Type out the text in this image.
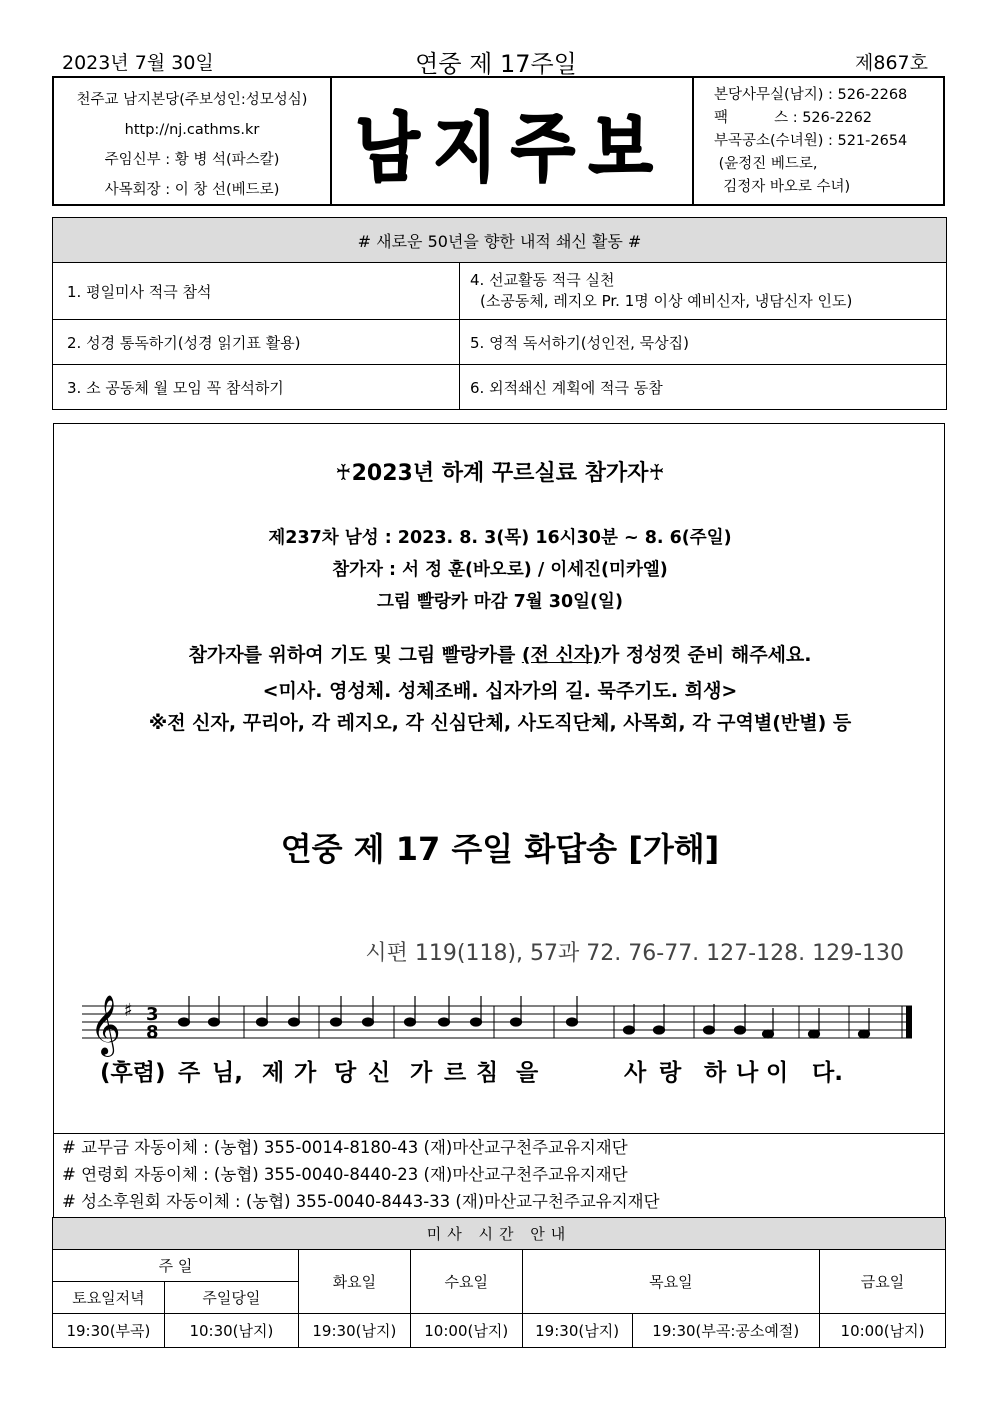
2023년 7월 30일	연중 제 17주일	제867호
천주교 남지본당(주보성인:성모성심)
http://nj.cathms.kr
주임신부 : 황 병 석(파스칼)
사목회장 : 이 창 선(베드로)	남지주보
본당사무실(남지) : 526-2268
팩          스 : 526-2262
부곡공소(수녀원) : 521-2654
(윤정진 베드로,
김정자 바오로 수녀)
# 새로운 50년을 향한 내적 쇄신 활동 #	
1. 평일미사 적극 참석	4. 선교활동 적극 실천
(소공동체, 레지오 Pr. 1명 이상 예비신자, 냉담신자 인도)

2. 성경 통독하기(성경 읽기표 활용)	5. 영적 독서하기(성인전, 묵상집)
3. 소 공동체 월 모임 꼭 참석하기	6. 외적쇄신 계획에 적극 동참
♰2023년 하계 꾸르실료 참가자♰
제237차 남성 : 2023. 8. 3(목) 16시30분 ~ 8. 6(주일)
참가자 : 서 정 훈(바오로) / 이세진(미카엘)
그림 빨랑카 마감 7월 30일(일)
참가자를 위하여 기도 및 그림 빨랑카를 (전 신자)가 정성껏 준비 해주세요.
<미사. 영성체. 성체조배. 십자가의 길. 묵주기도. 희생>
※전 신자, 꾸리아, 각 레지오, 각 신심단체, 사도직단체, 사목회, 각 구역별(반별) 등
연중 제 17 주일 화답송 [가해]
시편 119(118), 57과 72. 76-77. 127-128. 129-130
𝄞 ♯ 3
8
(후렴) 주 님, 제 가 당 신 가 르 침 을	사 랑 하 나 이 다.
# 교무금 자동이체 : (농협) 355-0014-8180-43 (재)마산교구천주교유지재단
# 연령회 자동이체 : (농협) 355-0040-8440-23 (재)마산교구천주교유지재단
# 성소후원회 자동이체 : (농협) 355-0040-8443-33 (재)마산교구천주교유지재단
미사 시간 안내						
주 일		화요일	수요일	목요일		금요일
토요일저녁	주일당일					
19:30(부곡)	10:30(남지)	19:30(남지)	10:00(남지)	19:30(남지)	19:30(부곡:공소예절)	10:00(남지)
